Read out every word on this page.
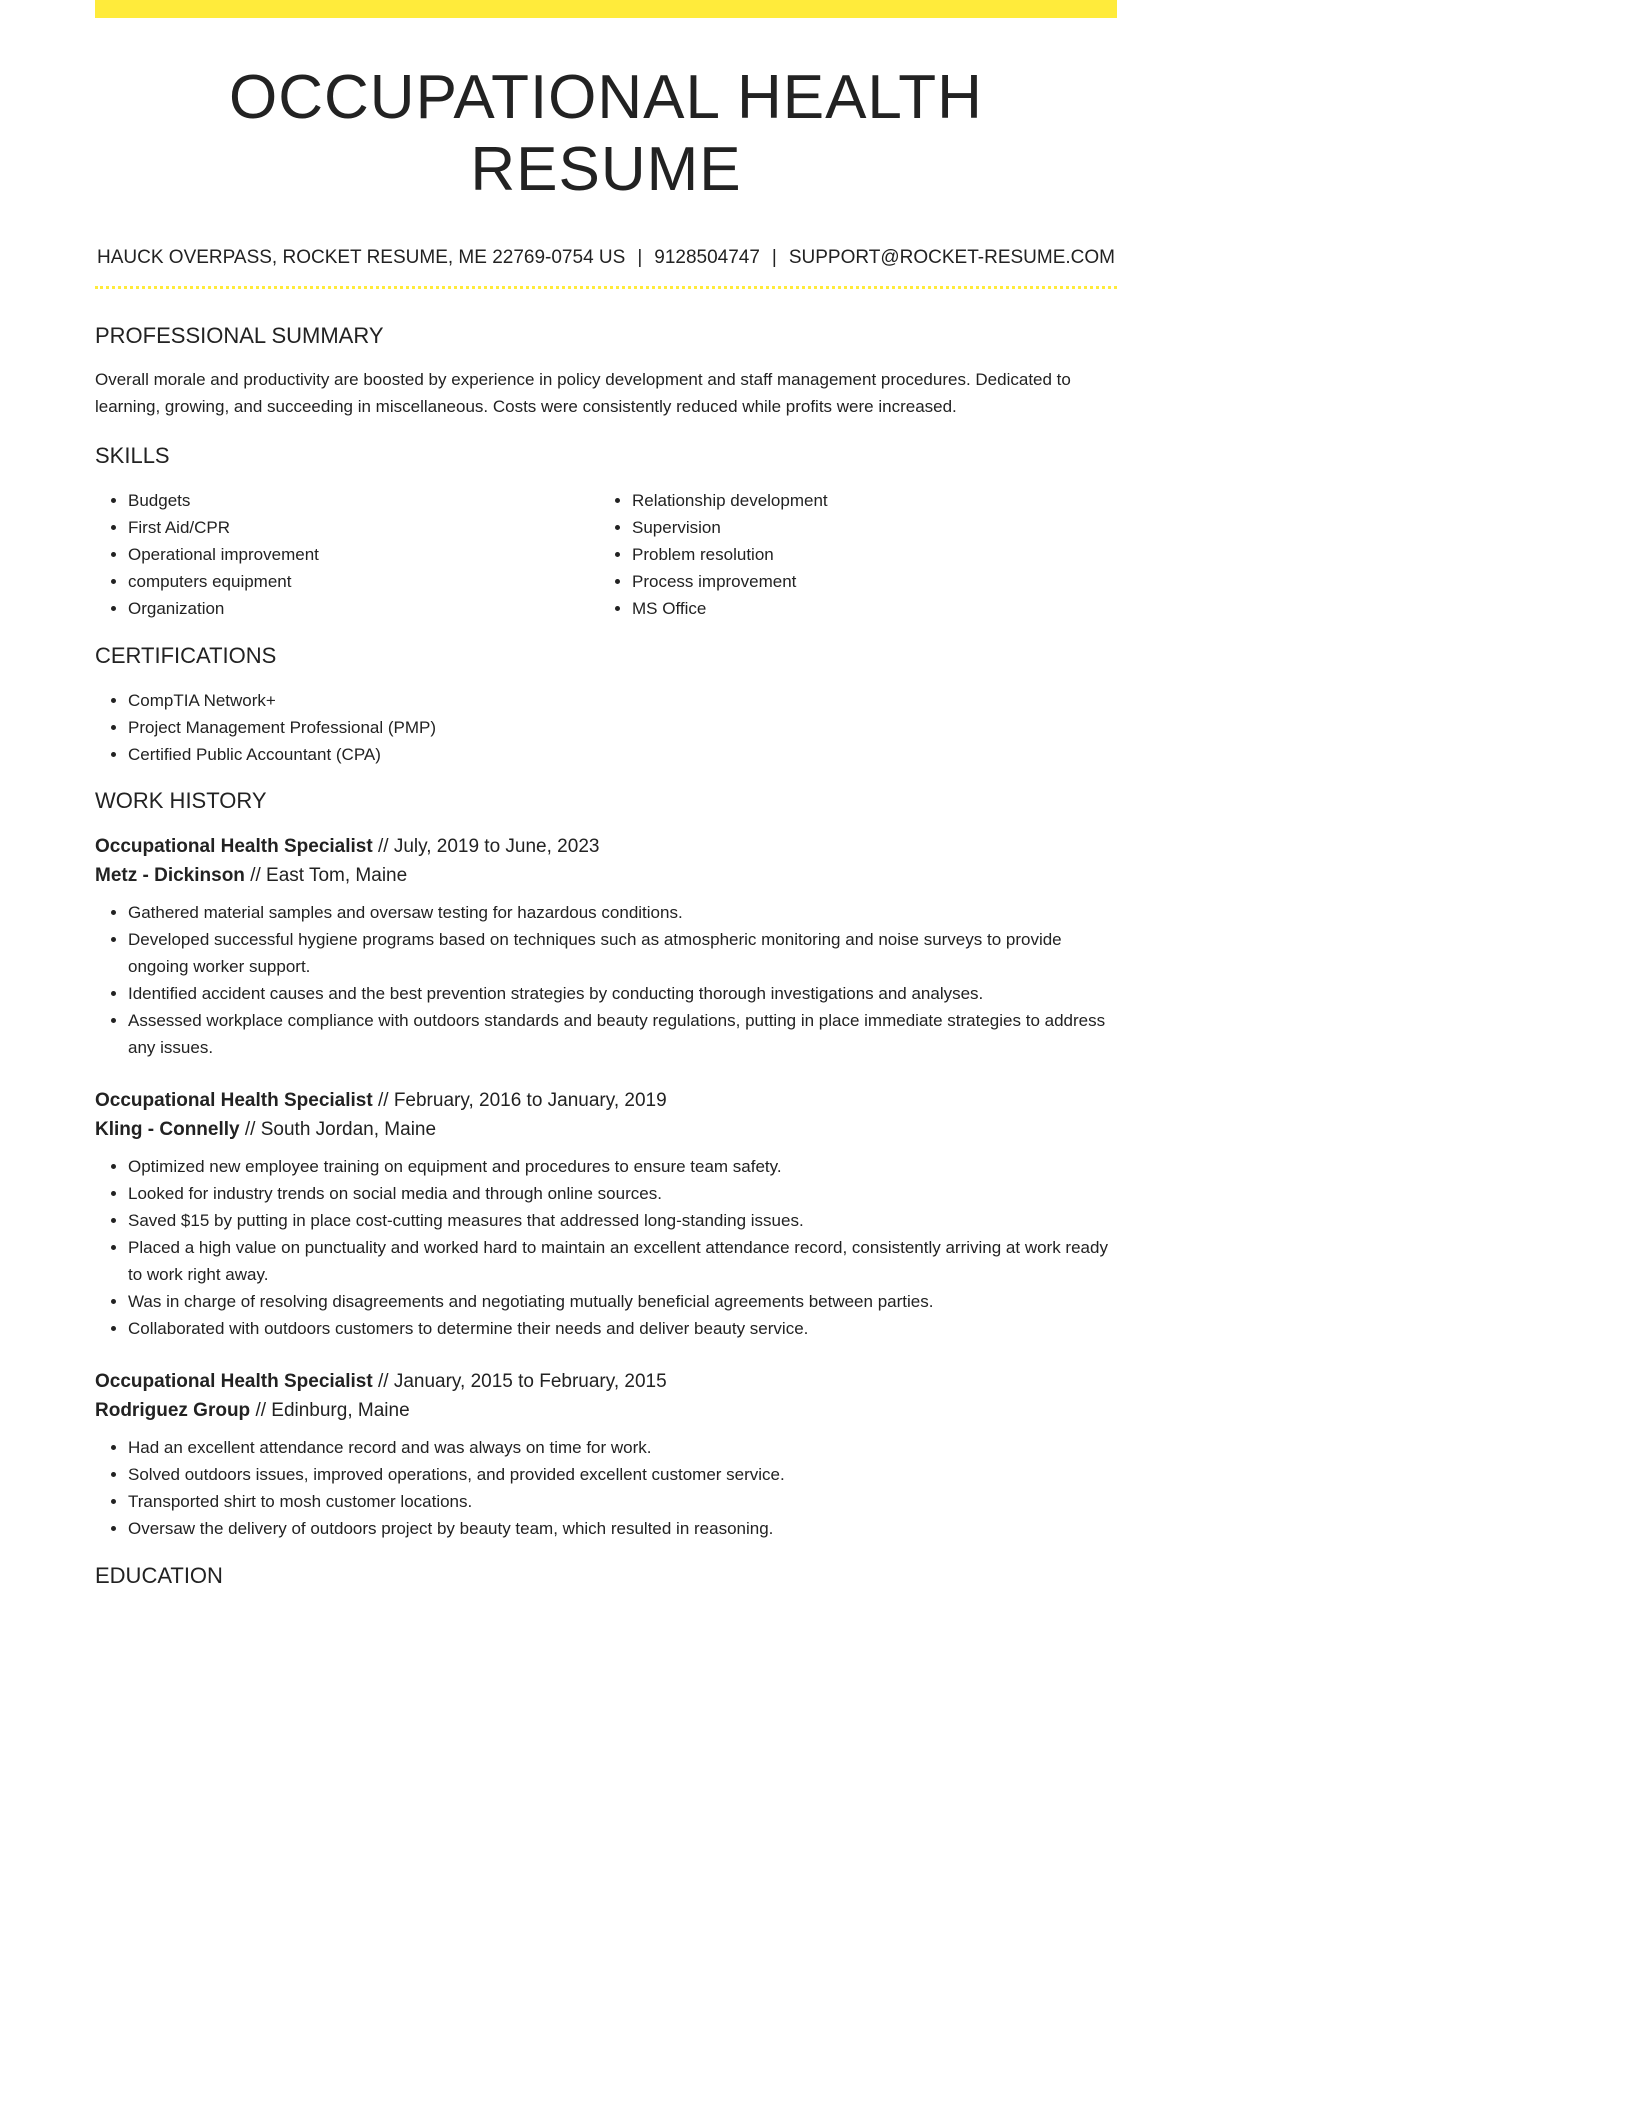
OCCUPATIONAL HEALTH RESUME
HAUCK OVERPASS, ROCKET RESUME, ME 22769-0754 US | 9128504747 | SUPPORT@ROCKET-RESUME.COM
PROFESSIONAL SUMMARY
Overall morale and productivity are boosted by experience in policy development and staff management procedures. Dedicated to learning, growing, and succeeding in miscellaneous. Costs were consistently reduced while profits were increased.
SKILLS
• Budgets
• First Aid/CPR
• Operational improvement
• computers equipment
• Organization
• Relationship development
• Supervision
• Problem resolution
• Process improvement
• MS Office
CERTIFICATIONS
• CompTIA Network+
• Project Management Professional (PMP)
• Certified Public Accountant (CPA)
WORK HISTORY
Occupational Health Specialist // July, 2019 to June, 2023
Metz - Dickinson // East Tom, Maine
• Gathered material samples and oversaw testing for hazardous conditions.
• Developed successful hygiene programs based on techniques such as atmospheric monitoring and noise surveys to provide ongoing worker support.
• Identified accident causes and the best prevention strategies by conducting thorough investigations and analyses.
• Assessed workplace compliance with outdoors standards and beauty regulations, putting in place immediate strategies to address any issues.
Occupational Health Specialist // February, 2016 to January, 2019
Kling - Connelly // South Jordan, Maine
• Optimized new employee training on equipment and procedures to ensure team safety.
• Looked for industry trends on social media and through online sources.
• Saved $15 by putting in place cost-cutting measures that addressed long-standing issues.
• Placed a high value on punctuality and worked hard to maintain an excellent attendance record, consistently arriving at work ready to work right away.
• Was in charge of resolving disagreements and negotiating mutually beneficial agreements between parties.
• Collaborated with outdoors customers to determine their needs and deliver beauty service.
Occupational Health Specialist // January, 2015 to February, 2015
Rodriguez Group // Edinburg, Maine
• Had an excellent attendance record and was always on time for work.
• Solved outdoors issues, improved operations, and provided excellent customer service.
• Transported shirt to mosh customer locations.
• Oversaw the delivery of outdoors project by beauty team, which resulted in reasoning.
EDUCATION
